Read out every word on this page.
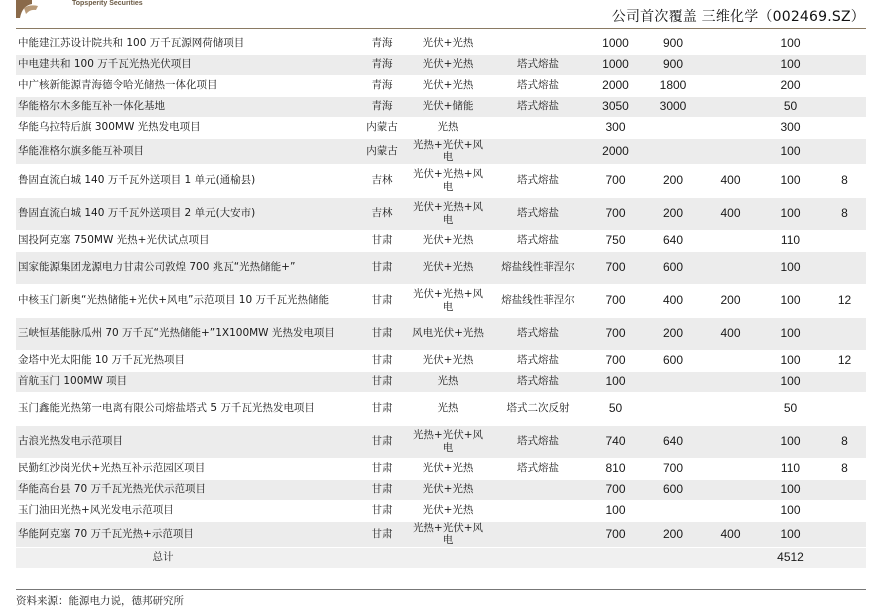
Topsperity Securities
公司首次覆盖 三维化学（002469.SZ）
中能建江苏设计院共和 100 万千瓦源网荷储项目	青海	光伏+光热		1000	900		100	
中电建共和 100 万千瓦光热光伏项目	青海	光伏+光热	塔式熔盐	1000	900		100	
中广核新能源青海德令哈光储热一体化项目	青海	光伏+光热	塔式熔盐	2000	1800		200	
华能格尔木多能互补一体化基地	青海	光伏+储能	塔式熔盐	3050	3000		50	
华能乌拉特后旗 300MW 光热发电项目	内蒙古	光热		300			300	
华能准格尔旗多能互补项目	内蒙古	光热+光伏+风电		2000			100	
鲁固直流白城 140 万千瓦外送项目 1 单元(通榆县)	吉林	光伏+光热+风电	塔式熔盐	700	200	400	100	8
鲁固直流白城 140 万千瓦外送项目 2 单元(大安市)	吉林	光伏+光热+风电	塔式熔盐	700	200	400	100	8
国投阿克塞 750MW 光热+光伏试点项目	甘肃	光伏+光热	塔式熔盐	750	640		110	
国家能源集团龙源电力甘肃公司敦煌 700 兆瓦“光热储能+”	甘肃	光伏+光热	熔盐线性菲涅尔	700	600		100	
中核玉门新奥“光热储能+光伏+风电”示范项目 10 万千瓦光热储能	甘肃	光伏+光热+风电	熔盐线性菲涅尔	700	400	200	100	12
三峡恒基能脉瓜州 70 万千瓦“光热储能+”1X100MW 光热发电项目	甘肃	风电光伏+光热	塔式熔盐	700	200	400	100	
金塔中光太阳能 10 万千瓦光热项目	甘肃	光伏+光热	塔式熔盐	700	600		100	12
首航玉门 100MW 项目	甘肃	光热	塔式熔盐	100			100	
玉门鑫能光热第一电离有限公司熔盐塔式 5 万千瓦光热发电项目	甘肃	光热	塔式二次反射	50			50	
古浪光热发电示范项目	甘肃	光热+光伏+风电	塔式熔盐	740	640		100	8
民勤红沙岗光伏+光热互补示范园区项目	甘肃	光伏+光热	塔式熔盐	810	700		110	8
华能高台县 70 万千瓦光热光伏示范项目	甘肃	光伏+光热		700	600		100	
玉门油田光热+风光发电示范项目	甘肃	光伏+光热		100			100	
华能阿克塞 70 万千瓦光热+示范项目	甘肃	光热+光伏+风电		700	200	400	100	
总计							4512	
资料来源：能源电力说，德邦研究所
